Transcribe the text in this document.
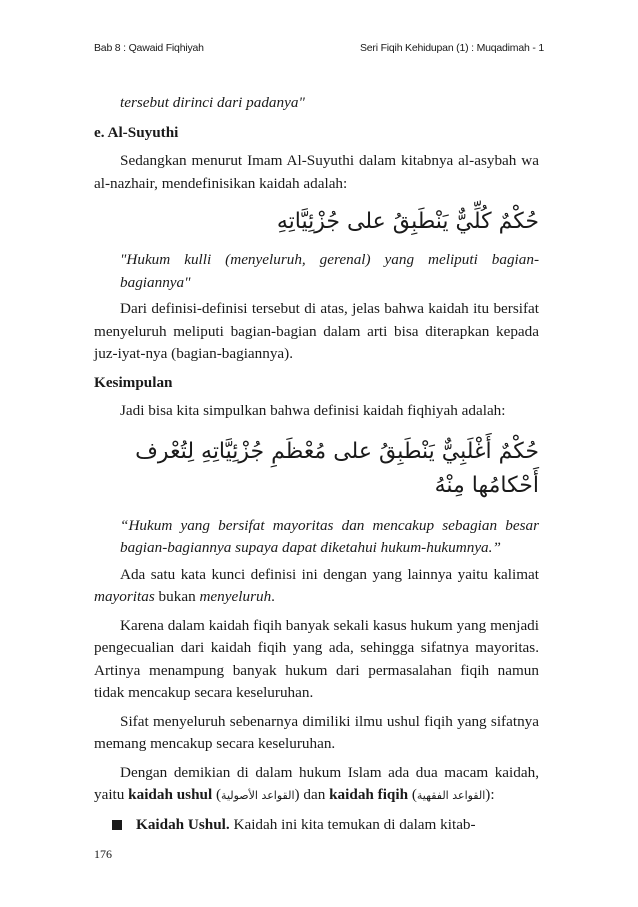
Bab 8 : Qawaid Fiqhiyah	Seri Fiqih Kehidupan (1) : Muqadimah - 1

tersebut dirinci dari padanya"

e. Al-Suyuthi

Sedangkan menurut Imam Al-Suyuthi dalam kitabnya al-asybah wa al-nazhair, mendefinisikan kaidah adalah:

حُكْمٌ كُلِّيٌّ يَنْطَبِقُ على جُزْئِيَّاتِهِ

"Hukum kulli (menyeluruh, gerenal) yang meliputi bagian-bagiannya"

Dari definisi-definisi tersebut di atas, jelas bahwa kaidah itu bersifat menyeluruh meliputi bagian-bagian dalam arti bisa diterapkan kepada juz-iyat-nya (bagian-bagiannya).

Kesimpulan

Jadi bisa kita simpulkan bahwa definisi kaidah fiqhiyah adalah:

حُكْمٌ أَغْلَبِيٌّ يَنْطَبِقُ على مُعْظَمِ جُزْئِيَّاتِهِ لِتُعْرف أَحْكامُها مِنْهُ

“Hukum yang bersifat mayoritas dan mencakup sebagian besar bagian-bagiannya supaya dapat diketahui hukum-hukumnya.”

Ada satu kata kunci definisi ini dengan yang lainnya yaitu kalimat mayoritas bukan menyeluruh.

Karena dalam kaidah fiqih banyak sekali kasus hukum yang menjadi pengecualian dari kaidah fiqih yang ada, sehingga sifatnya mayoritas. Artinya menampung banyak hukum dari permasalahan fiqih namun tidak mencakup secara keseluruhan.

Sifat menyeluruh sebenarnya dimiliki ilmu ushul fiqih yang sifatnya memang mencakup secara keseluruhan.

Dengan demikian di dalam hukum Islam ada dua macam kaidah, yaitu kaidah ushul (القواعد الأصولية) dan kaidah fiqih (القواعد الفقهية):

Kaidah Ushul. Kaidah ini kita temukan di dalam kitab-

176
